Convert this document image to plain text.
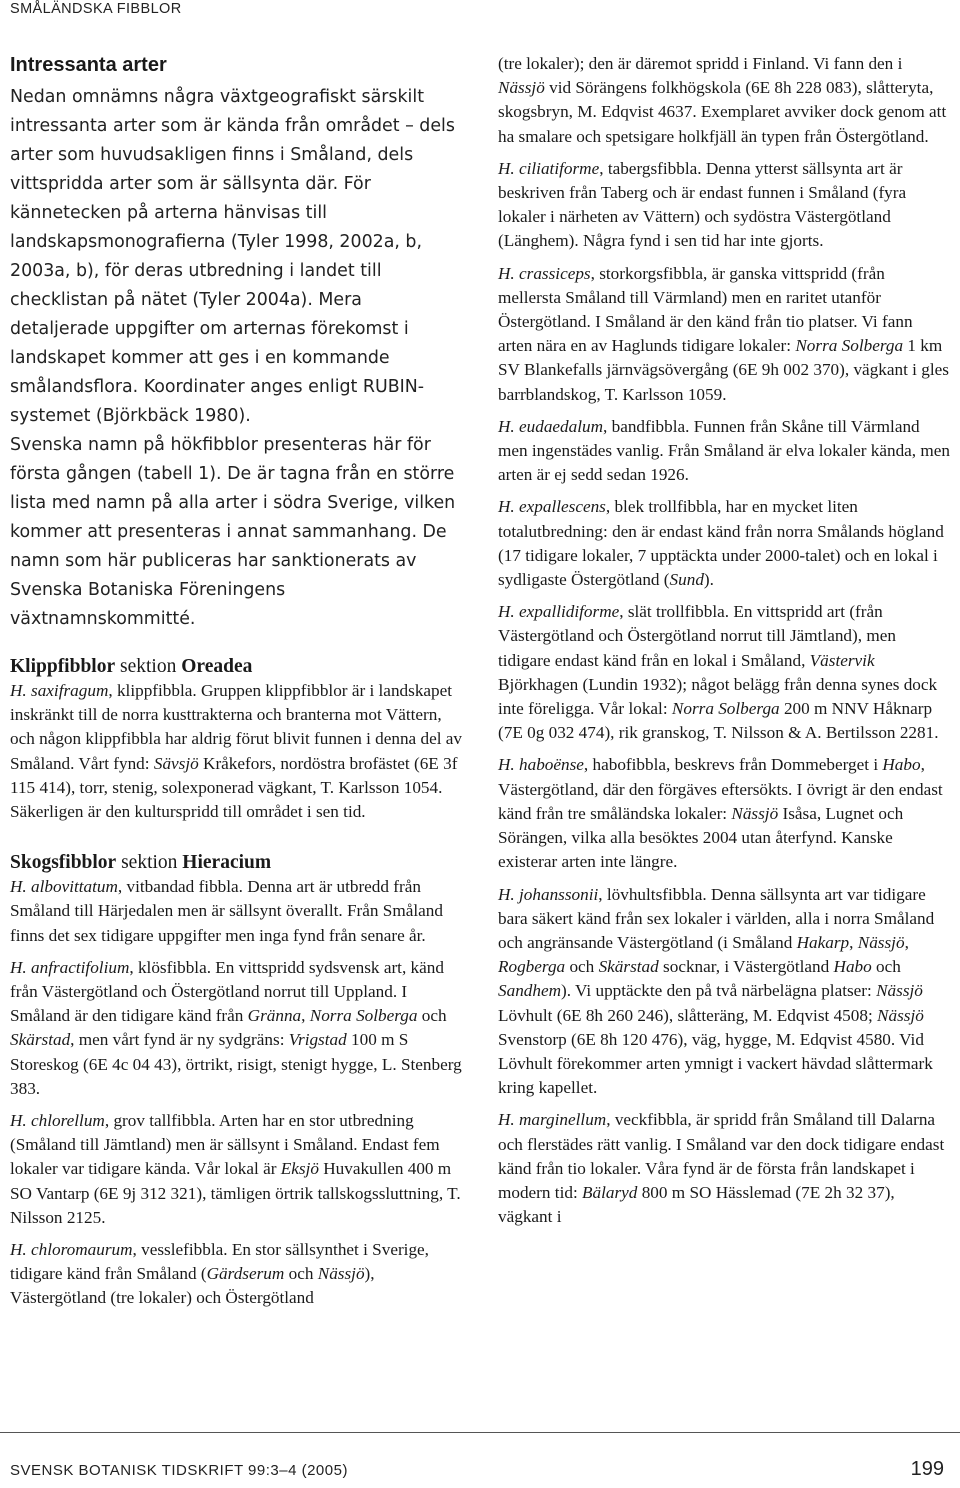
SMÅLÄNDSKA FIBBLOR
Intressanta arter

Nedan omnämns några växtgeografiskt särskilt intressanta arter som är kända från området – dels arter som huvudsakligen finns i Småland, dels vittspridda arter som är sällsynta där. För kännetecken på arterna hänvisas till landskapsmonografierna (Tyler 1998, 2002a, b, 2003a, b), för deras utbredning i landet till checklistan på nätet (Tyler 2004a). Mera detaljerade uppgifter om arternas förekomst i landskapet kommer att ges i en kommande smålandsflora. Koordinater anges enligt RUBIN-systemet (Björkbäck 1980).

Svenska namn på hökfibblor presenteras här för första gången (tabell 1). De är tagna från en större lista med namn på alla arter i södra Sverige, vilken kommer att presenteras i annat sammanhang. De namn som här publiceras har sanktionerats av Svenska Botaniska Föreningens växtnamnskommitté.

Klippfibblor sektion Oreadea

H. saxifragum, klippfibbla. Gruppen klippfibblor är i landskapet inskränkt till de norra kusttrakterna och branterna mot Vättern, och någon klippfibbla har aldrig förut blivit funnen i denna del av Småland. Vårt fynd: Sävsjö Kråkefors, nordöstra brofästet (6E 3f 115 414), torr, stenig, solexponerad vägkant, T. Karlsson 1054. Säkerligen är den kulturspridd till området i sen tid.

Skogsfibblor sektion Hieracium

H. albovittatum, vitbandad fibbla. Denna art är utbredd från Småland till Härjedalen men är sällsynt överallt. Från Småland finns det sex tidigare uppgifter men inga fynd från senare år.

H. anfractifolium, klösfibbla. En vittspridd sydsvensk art, känd från Västergötland och Östergötland norrut till Uppland. I Småland är den tidigare känd från Gränna, Norra Solberga och Skärstad, men vårt fynd är ny sydgräns: Vrigstad 100 m S Storeskog (6E 4c 04 43), örtrikt, risigt, stenigt hygge, L. Stenberg 383.

H. chlorellum, grov tallfibbla. Arten har en stor utbredning (Småland till Jämtland) men är sällsynt i Småland. Endast fem lokaler var tidigare kända. Vår lokal är Eksjö Huvakullen 400 m SO Vantarp (6E 9j 312 321), tämligen örtrik tallskogssluttning, T. Nilsson 2125.

H. chloromaurum, vesslefibbla. En stor sällsynthet i Sverige, tidigare känd från Småland (Gärdserum och Nässjö), Västergötland (tre lokaler) och Östergötland

(tre lokaler); den är däremot spridd i Finland. Vi fann den i Nässjö vid Sörängens folkhögskola (6E 8h 228 083), slåtteryta, skogsbryn, M. Edqvist 4637. Exemplaret avviker dock genom att ha smalare och spetsigare holkfjäll än typen från Östergötland.

H. ciliatiforme, tabergsfibbla. Denna ytterst sällsynta art är beskriven från Taberg och är endast funnen i Småland (fyra lokaler i närheten av Vättern) och sydöstra Västergötland (Länghem). Några fynd i sen tid har inte gjorts.

H. crassiceps, storkorgsfibbla, är ganska vittspridd (från mellersta Småland till Värmland) men en raritet utanför Östergötland. I Småland är den känd från tio platser. Vi fann arten nära en av Haglunds tidigare lokaler: Norra Solberga 1 km SV Blankefalls järnvägsövergång (6E 9h 002 370), vägkant i gles barrblandskog, T. Karlsson 1059.

H. eudaedalum, bandfibbla. Funnen från Skåne till Värmland men ingenstädes vanlig. Från Småland är elva lokaler kända, men arten är ej sedd sedan 1926.

H. expallescens, blek trollfibbla, har en mycket liten totalutbredning: den är endast känd från norra Smålands högland (17 tidigare lokaler, 7 upptäckta under 2000-talet) och en lokal i sydligaste Östergötland (Sund).

H. expallidiforme, slät trollfibbla. En vittspridd art (från Västergötland och Östergötland norrut till Jämtland), men tidigare endast känd från en lokal i Småland, Västervik Björkhagen (Lundin 1932); något belägg från denna synes dock inte föreligga. Vår lokal: Norra Solberga 200 m NNV Håknarp (7E 0g 032 474), rik granskog, T. Nilsson & A. Bertilsson 2281.

H. haboënse, habofibbla, beskrevs från Dommeberget i Habo, Västergötland, där den förgäves eftersökts. I övrigt är den endast känd från tre småländska lokaler: Nässjö Isåsa, Lugnet och Sörängen, vilka alla besöktes 2004 utan återfynd. Kanske existerar arten inte längre.

H. johanssonii, lövhultsfibbla. Denna sällsynta art var tidigare bara säkert känd från sex lokaler i världen, alla i norra Småland och angränsande Västergötland (i Småland Hakarp, Nässjö, Rogberga och Skärstad socknar, i Västergötland Habo och Sandhem). Vi upptäckte den på två närbelägna platser: Nässjö Lövhult (6E 8h 260 246), slåtteräng, M. Edqvist 4508; Nässjö Svenstorp (6E 8h 120 476), väg, hygge, M. Edqvist 4580. Vid Lövhult förekommer arten ymnigt i vackert hävdad slåttermark kring kapellet.

H. marginellum, veckfibbla, är spridd från Småland till Dalarna och flerstädes rätt vanlig. I Småland var den dock tidigare endast känd från tio lokaler. Våra fynd är de första från landskapet i modern tid: Bälaryd 800 m SO Hässlemad (7E 2h 32 37), vägkant i

SVENSK BOTANISK TIDSKRIFT 99:3–4 (2005)	199
